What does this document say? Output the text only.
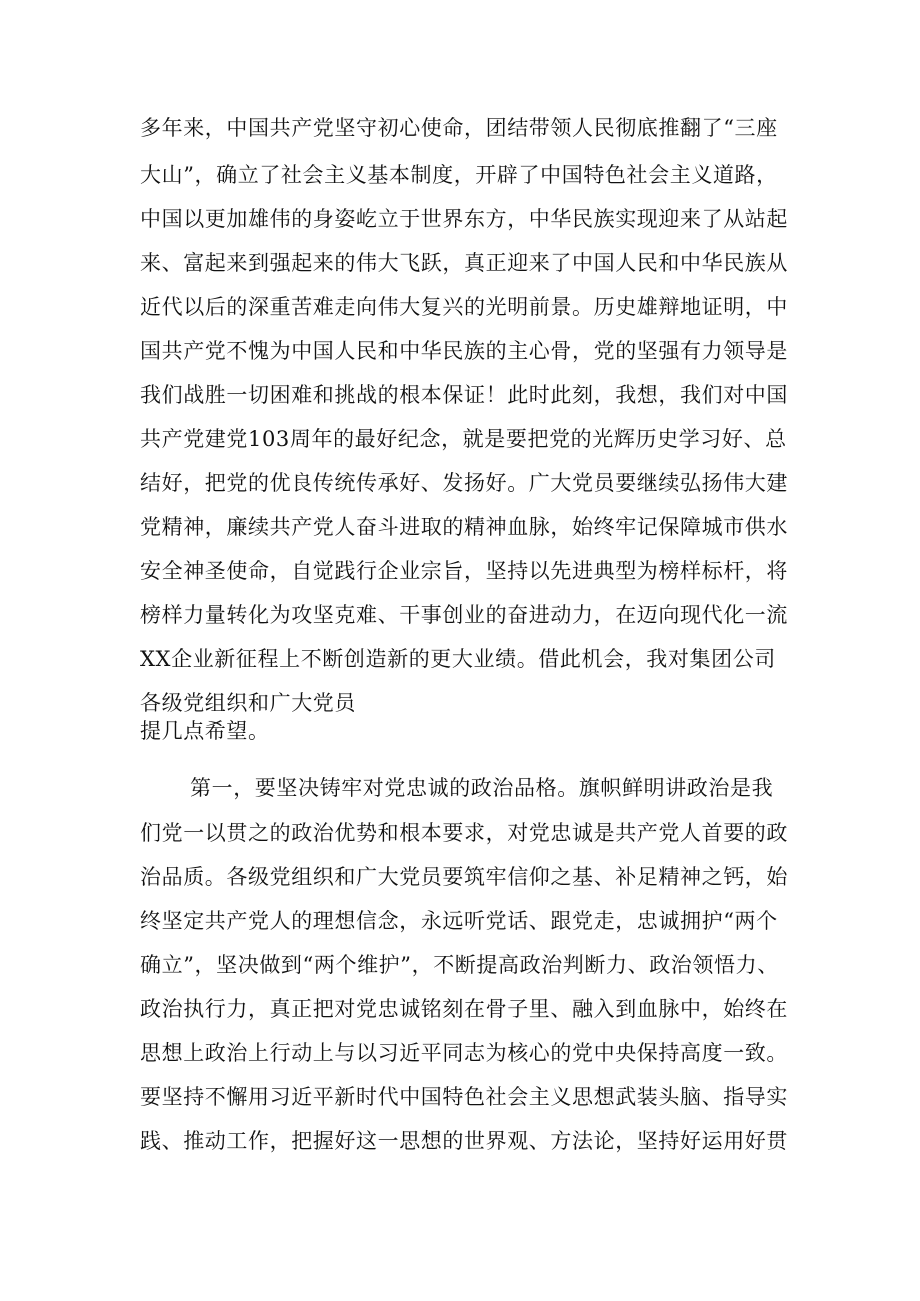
多年来，中国共产党坚守初心使命，团结带领人民彻底推翻了“三座
大山”，确立了社会主义基本制度，开辟了中国特色社会主义道路，
中国以更加雄伟的身姿屹立于世界东方，中华民族实现迎来了从站起
来、富起来到强起来的伟大飞跃，真正迎来了中国人民和中华民族从
近代以后的深重苦难走向伟大复兴的光明前景。历史雄辩地证明，中
国共产党不愧为中国人民和中华民族的主心骨，党的坚强有力领导是
我们战胜一切困难和挑战的根本保证！此时此刻，我想，我们对中国
共产党建党103周年的最好纪念，就是要把党的光辉历史学习好、总
结好，把党的优良传统传承好、发扬好。广大党员要继续弘扬伟大建
党精神，廉续共产党人奋斗进取的精神血脉，始终牢记保障城市供水
安全神圣使命，自觉践行企业宗旨，坚持以先进典型为榜样标杆，将
榜样力量转化为攻坚克难、干事创业的奋进动力，在迈向现代化一流
XX企业新征程上不断创造新的更大业绩。借此机会，我对集团公司
各级党组织和广大党员
提几点希望。
第一，要坚决铸牢对党忠诚的政治品格。旗帜鲜明讲政治是我
们党一以贯之的政治优势和根本要求，对党忠诚是共产党人首要的政
治品质。各级党组织和广大党员要筑牢信仰之基、补足精神之钙，始
终坚定共产党人的理想信念，永远听党话、跟党走，忠诚拥护“两个
确立”，坚决做到“两个维护”，不断提高政治判断力、政治领悟力、
政治执行力，真正把对党忠诚铭刻在骨子里、融入到血脉中，始终在
思想上政治上行动上与以习近平同志为核心的党中央保持高度一致。
要坚持不懈用习近平新时代中国特色社会主义思想武装头脑、指导实
践、推动工作，把握好这一思想的世界观、方法论，坚持好运用好贯
